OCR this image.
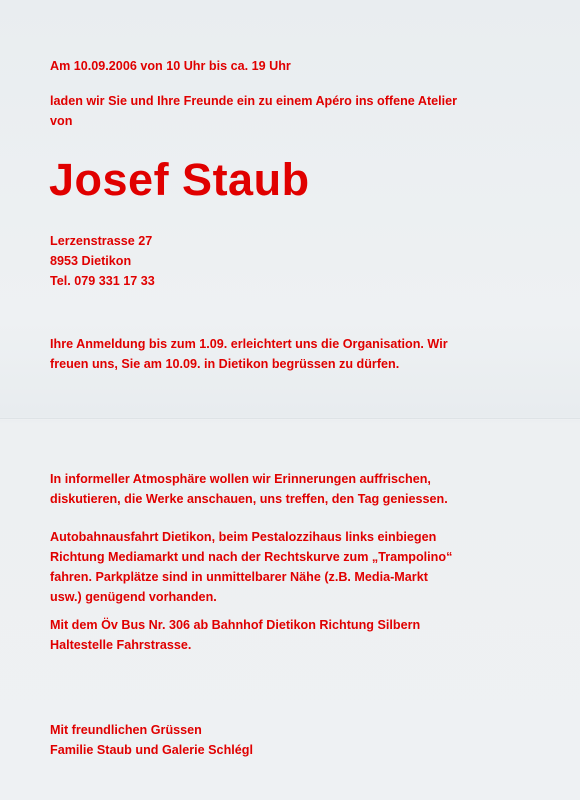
Am 10.09.2006 von 10 Uhr bis ca. 19 Uhr
laden wir Sie und Ihre Freunde ein zu einem Apéro ins offene Atelier
von
Josef Staub
Lerzenstrasse 27
8953 Dietikon
Tel. 079 331 17 33
Ihre Anmeldung bis zum 1.09. erleichtert uns die Organisation. Wir
freuen uns, Sie am 10.09. in Dietikon begrüssen zu dürfen.
In informeller Atmosphäre wollen wir Erinnerungen auffrischen,
diskutieren, die Werke anschauen, uns treffen, den Tag geniessen.
Autobahnausfahrt Dietikon, beim Pestalozzihaus links einbiegen
Richtung Mediamarkt und nach der Rechtskurve zum „Trampolino“
fahren. Parkplätze sind in unmittelbarer Nähe (z.B. Media-Markt
usw.) genügend vorhanden.
Mit dem Öv Bus Nr. 306 ab Bahnhof Dietikon Richtung Silbern
Haltestelle Fahrstrasse.
Mit freundlichen Grüssen
Familie Staub und Galerie Schlégl
